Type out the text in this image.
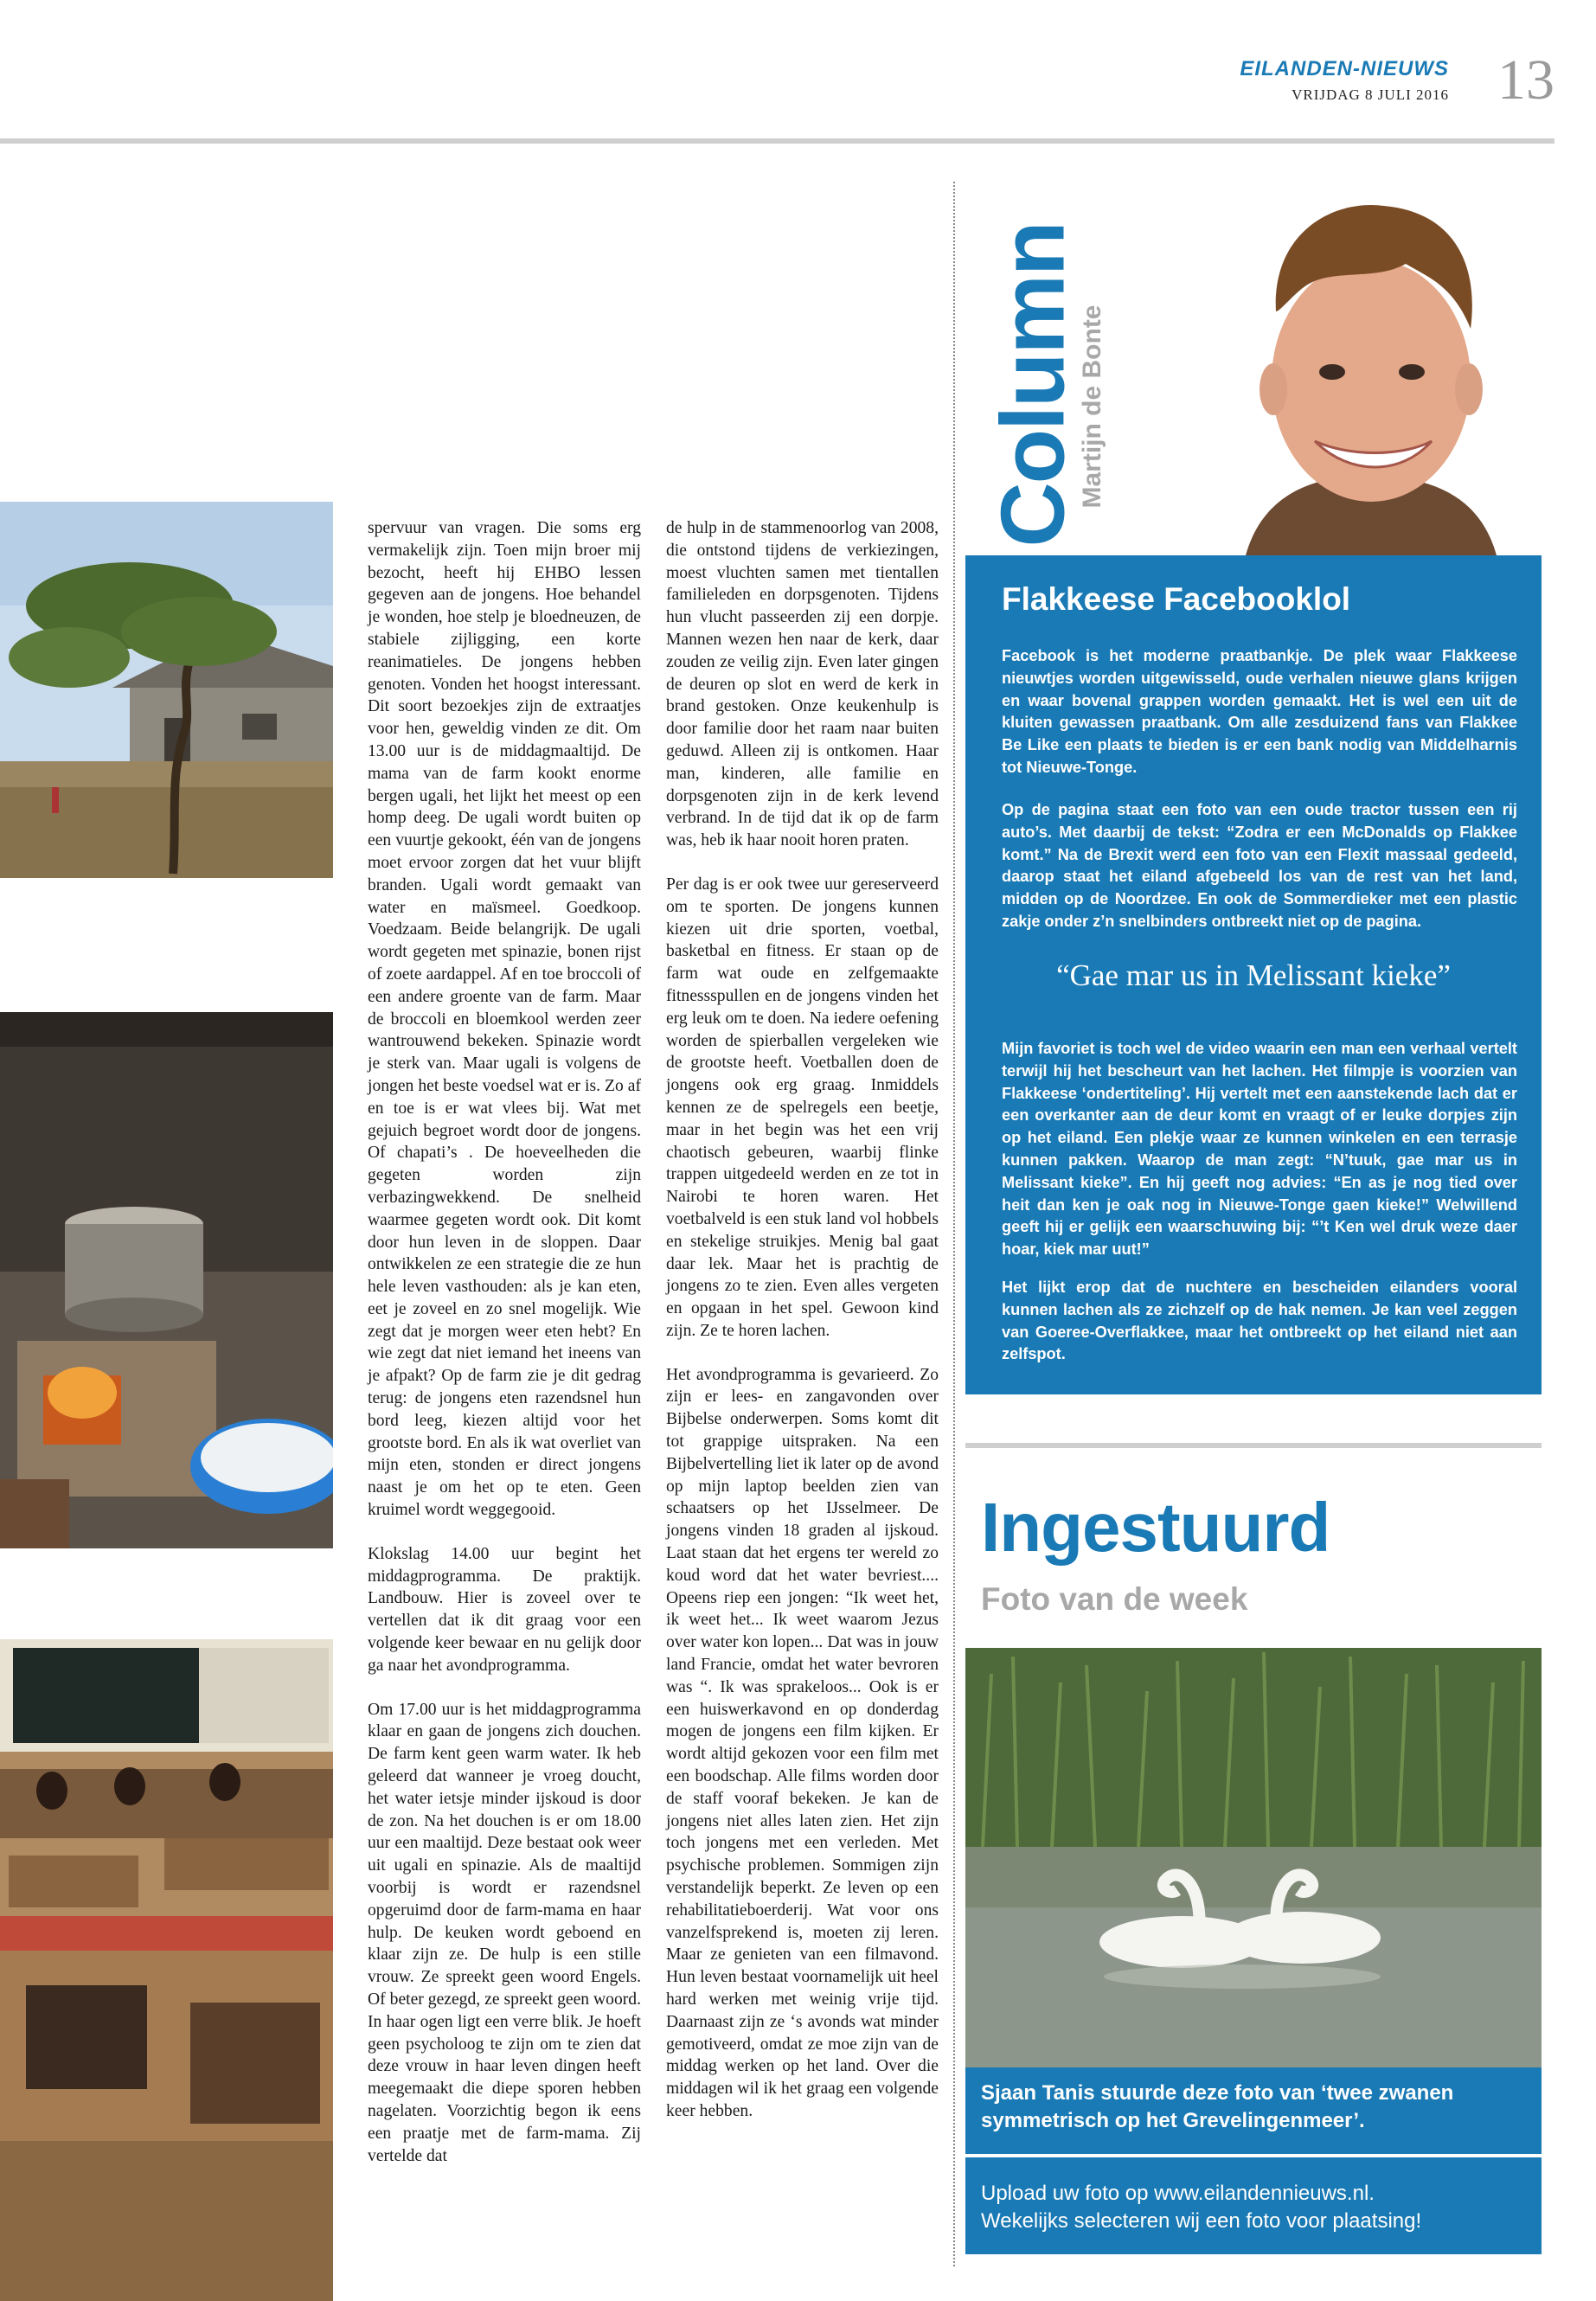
EILANDEN-NIEUWS
VRIJDAG 8 JULI 2016 13

spervuur van vragen. Die soms erg vermakelijk zijn. Toen mijn broer mij bezocht, heeft hij EHBO lessen gegeven aan de jongens. Hoe behandel je wonden, hoe stelp je bloedneuzen, de stabiele zijligging, een korte reanimatieles. De jongens hebben genoten. Vonden het hoogst interessant. Dit soort bezoekjes zijn de extraatjes voor hen, geweldig vinden ze dit. Om 13.00 uur is de middagmaaltijd. De mama van de farm kookt enorme bergen ugali, het lijkt het meest op een homp deeg. De ugali wordt buiten op een vuurtje gekookt, één van de jongens moet ervoor zorgen dat het vuur blijft branden. Ugali wordt gemaakt van water en maïsmeel. Goedkoop. Voedzaam. Beide belangrijk. De ugali wordt gegeten met spinazie, bonen rijst of zoete aardappel. Af en toe broccoli of een andere groente van de farm. Maar de broccoli en bloemkool werden zeer wantrouwend bekeken. Spinazie wordt je sterk van. Maar ugali is volgens de jongen het beste voedsel wat er is. Zo af en toe is er wat vlees bij. Wat met gejuich begroet wordt door de jongens. Of chapati’s . De hoeveelheden die gegeten worden zijn verbazingwekkend. De snelheid waarmee gegeten wordt ook. Dit komt door hun leven in de sloppen. Daar ontwikkelen ze een strategie die ze hun hele leven vasthouden: als je kan eten, eet je zoveel en zo snel mogelijk. Wie zegt dat je morgen weer eten hebt? En wie zegt dat niet iemand het ineens van je afpakt? Op de farm zie je dit gedrag terug: de jongens eten razendsnel hun bord leeg, kiezen altijd voor het grootste bord. En als ik wat overliet van mijn eten, stonden er direct jongens naast je om het op te eten. Geen kruimel wordt weggegooid.

Klokslag 14.00 uur begint het middagprogramma. De praktijk. Landbouw. Hier is zoveel over te vertellen dat ik dit graag voor een volgende keer bewaar en nu gelijk door ga naar het avondprogramma.

Om 17.00 uur is het middagprogramma klaar en gaan de jongens zich douchen. De farm kent geen warm water. Ik heb geleerd dat wanneer je vroeg doucht, het water ietsje minder ijskoud is door de zon. Na het douchen is er om 18.00 uur een maaltijd. Deze bestaat ook weer uit ugali en spinazie. Als de maaltijd voorbij is wordt er razendsnel opgeruimd door de farm-mama en haar hulp. De keuken wordt geboend en klaar zijn ze. De hulp is een stille vrouw. Ze spreekt geen woord Engels. Of beter gezegd, ze spreekt geen woord. In haar ogen ligt een verre blik. Je hoeft geen psycholoog te zijn om te zien dat deze vrouw in haar leven dingen heeft meegemaakt die diepe sporen hebben nagelaten. Voorzichtig begon ik eens een praatje met de farm-mama. Zij vertelde dat

de hulp in de stammenoorlog van 2008, die ontstond tijdens de verkiezingen, moest vluchten samen met tientallen familieleden en dorpsgenoten. Tijdens hun vlucht passeerden zij een dorpje. Mannen wezen hen naar de kerk, daar zouden ze veilig zijn. Even later gingen de deuren op slot en werd de kerk in brand gestoken. Onze keukenhulp is door familie door het raam naar buiten geduwd. Alleen zij is ontkomen. Haar man, kinderen, alle familie en dorpsgenoten zijn in de kerk levend verbrand. In de tijd dat ik op de farm was, heb ik haar nooit horen praten.

Per dag is er ook twee uur gereserveerd om te sporten. De jongens kunnen kiezen uit drie sporten, voetbal, basketbal en fitness. Er staan op de farm wat oude en zelfgemaakte fitnessspullen en de jongens vinden het erg leuk om te doen. Na iedere oefening worden de spierballen vergeleken wie de grootste heeft. Voetballen doen de jongens ook erg graag. Inmiddels kennen ze de spelregels een beetje, maar in het begin was het een vrij chaotisch gebeuren, waarbij flinke trappen uitgedeeld werden en ze tot in Nairobi te horen waren. Het voetbalveld is een stuk land vol hobbels en stekelige struikjes. Menig bal gaat daar lek. Maar het is prachtig de jongens zo te zien. Even alles vergeten en opgaan in het spel. Gewoon kind zijn. Ze te horen lachen.

Het avondprogramma is gevarieerd. Zo zijn er lees- en zangavonden over Bijbelse onderwerpen. Soms komt dit tot grappige uitspraken. Na een Bijbelvertelling liet ik later op de avond op mijn laptop beelden zien van schaatsers op het IJsselmeer. De jongens vinden 18 graden al ijskoud. Laat staan dat het ergens ter wereld zo koud word dat het water bevriest.... Opeens riep een jongen: “Ik weet het, ik weet het... Ik weet waarom Jezus over water kon lopen... Dat was in jouw land Francie, omdat het water bevroren was “. Ik was sprakeloos... Ook is er een huiswerkavond en op donderdag mogen de jongens een film kijken. Er wordt altijd gekozen voor een film met een boodschap. Alle films worden door de staff vooraf bekeken. Je kan de jongens niet alles laten zien. Het zijn toch jongens met een verleden. Met psychische problemen. Sommigen zijn verstandelijk beperkt. Ze leven op een rehabilitatieboerderij. Wat voor ons vanzelfsprekend is, moeten zij leren. Maar ze genieten van een filmavond. Hun leven bestaat voornamelijk uit heel hard werken met weinig vrije tijd. Daarnaast zijn ze ‘s avonds wat minder gemotiveerd, omdat ze moe zijn van de middag werken op het land. Over die middagen wil ik het graag een volgende keer hebben.

Column
Martijn de Bonte
Flakkeese Facebooklol
Facebook is het moderne praatbankje. De plek waar Flakkeese nieuwtjes worden uitgewisseld, oude verhalen nieuwe glans krijgen en waar bovenal grappen worden gemaakt. Het is wel een uit de kluiten gewassen praatbank. Om alle zesduizend fans van Flakkee Be Like een plaats te bieden is er een bank nodig van Middelharnis tot Nieuwe-Tonge.
Op de pagina staat een foto van een oude tractor tussen een rij auto’s. Met daarbij de tekst: “Zodra er een McDonalds op Flakkee komt.” Na de Brexit werd een foto van een Flexit massaal gedeeld, daarop staat het eiland afgebeeld los van de rest van het land, midden op de Noordzee. En ook de Sommerdieker met een plastic zakje onder z’n snelbinders ontbreekt niet op de pagina.
“Gae mar us in Melissant kieke”
Mijn favoriet is toch wel de video waarin een man een verhaal vertelt terwijl hij het bescheurt van het lachen. Het filmpje is voorzien van Flakkeese ‘ondertiteling’. Hij vertelt met een aanstekende lach dat er een overkanter aan de deur komt en vraagt of er leuke dorpjes zijn op het eiland. Een plekje waar ze kunnen winkelen en een terrasje kunnen pakken. Waarop de man zegt: “N’tuuk, gae mar us in Melissant kieke”. En hij geeft nog advies: “En as je nog tied over heit dan ken je oak nog in Nieuwe-Tonge gaen kieke!” Welwillend geeft hij er gelijk een waarschuwing bij: “’t Ken wel druk weze daer hoar, kiek mar uut!”
Het lijkt erop dat de nuchtere en bescheiden eilanders vooral kunnen lachen als ze zichzelf op de hak nemen. Je kan veel zeggen van Goeree-Overflakkee, maar het ontbreekt op het eiland niet aan zelfspot.
Ingestuurd
Foto van de week
Sjaan Tanis stuurde deze foto van ‘twee zwanen symmetrisch op het Grevelingenmeer’.
Upload uw foto op www.eilandennieuws.nl.
Wekelijks selecteren wij een foto voor plaatsing!
